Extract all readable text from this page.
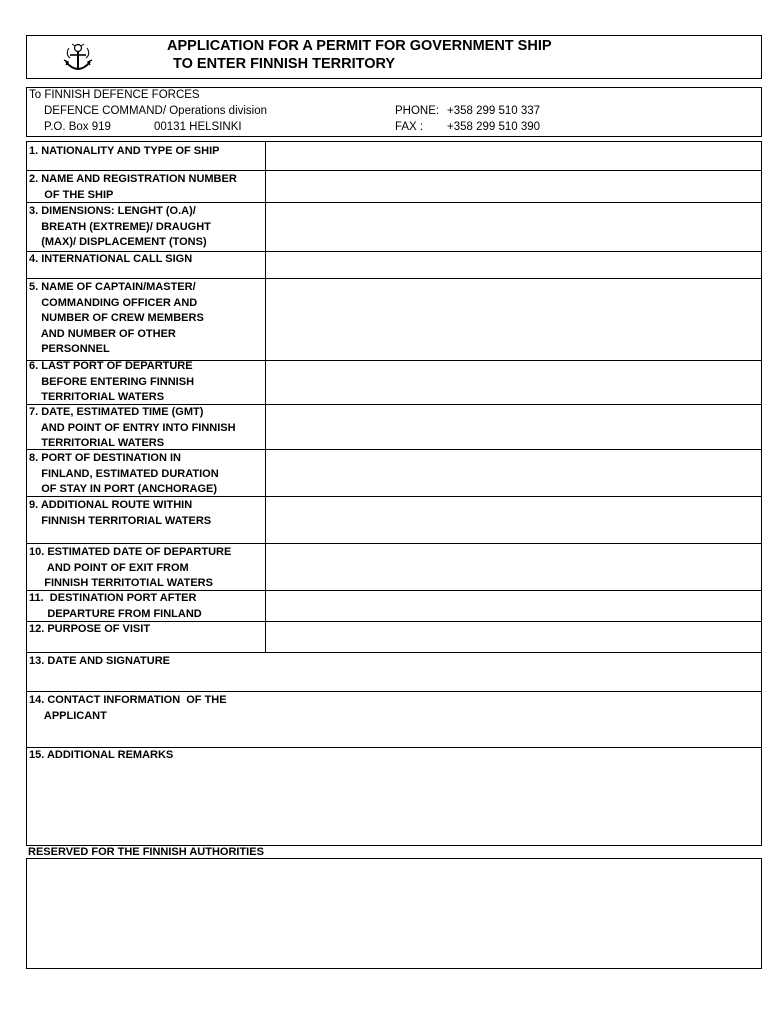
APPLICATION FOR A PERMIT FOR GOVERNMENT SHIP
TO ENTER FINNISH TERRITORY
To FINNISH DEFENCE FORCES
DEFENCE COMMAND/ Operations division
P.O. Box 919	00131 HELSINKI
PHONE: +358 299 510 337
FAX : +358 299 510 390
1. NATIONALITY AND TYPE OF SHIP
2. NAME AND REGISTRATION NUMBER
OF THE SHIP
3. DIMENSIONS: LENGHT (O.A)/
BREATH (EXTREME)/ DRAUGHT
(MAX)/ DISPLACEMENT (TONS)
4. INTERNATIONAL CALL SIGN
5. NAME OF CAPTAIN/MASTER/
COMMANDING OFFICER AND
NUMBER OF CREW MEMBERS
AND NUMBER OF OTHER
PERSONNEL
6. LAST PORT OF DEPARTURE
BEFORE ENTERING FINNISH
TERRITORIAL WATERS
7. DATE, ESTIMATED TIME (GMT)
AND POINT OF ENTRY INTO FINNISH
TERRITORIAL WATERS
8. PORT OF DESTINATION IN
FINLAND, ESTIMATED DURATION
OF STAY IN PORT (ANCHORAGE)
9. ADDITIONAL ROUTE WITHIN
FINNISH TERRITORIAL WATERS
10. ESTIMATED DATE OF DEPARTURE
AND POINT OF EXIT FROM
FINNISH TERRITOTIAL WATERS
11.  DESTINATION PORT AFTER
DEPARTURE FROM FINLAND
12. PURPOSE OF VISIT
13. DATE AND SIGNATURE
14. CONTACT INFORMATION  OF THE
APPLICANT
15. ADDITIONAL REMARKS
RESERVED FOR THE FINNISH AUTHORITIES
